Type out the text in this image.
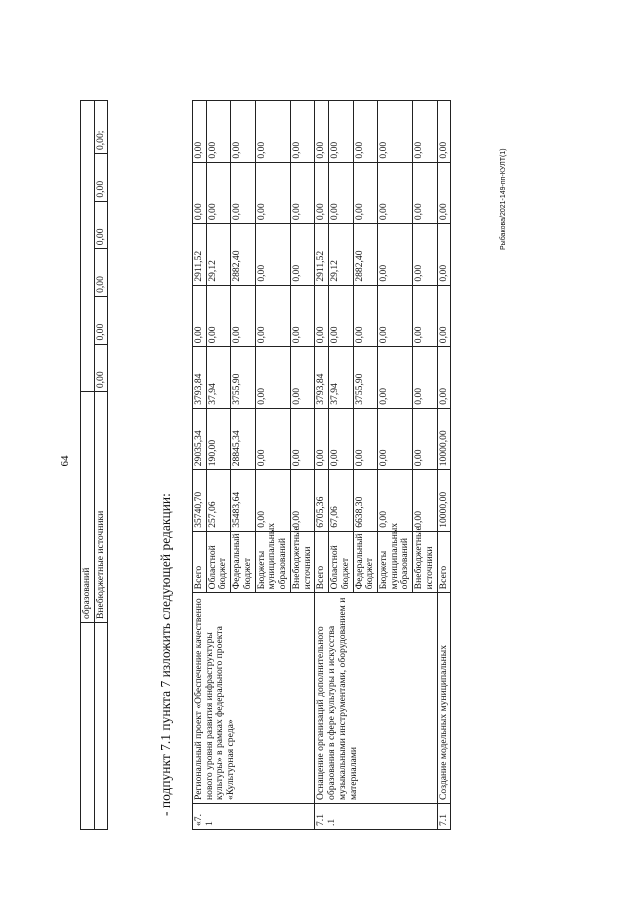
64
Рыбакова/2021-149-пп-КУЛТ(1)
	образований						
	Внебюджетные источники	0,00	0,00	0,00	0,00	0,00	0,00;
- подпункт 7.1 пункта 7 изложить следующей редакции:
«7. 1	Региональный проект «Обеспечение качественно нового уровня развития инфраструктуры культуры» в рамках федерального проекта «Культурная среда»	Всего	35740,70	29035,34	3793,84	0,00	2911,52	0,00	0,00
		Областной бюджет	257,06	190,00	37,94	0,00	29,12	0,00	0,00
		Федеральный бюджет	35483,64	28845,34	3755,90	0,00	2882,40	0,00	0,00
		Бюджеты муниципальных образований	0,00	0,00	0,00	0,00	0,00	0,00	0,00
		Внебюджетные источники	0,00	0,00	0,00	0,00	0,00	0,00	0,00
7.1 .1	Оснащение организаций дополнительного образования в сфере культуры и искусства музыкальными инструментами, оборудованием и материалами	Всего	6705,36	0,00	3793,84	0,00	2911,52	0,00	0,00
		Областной бюджет	67,06	0,00	37,94	0,00	29,12	0,00	0,00
		Федеральный бюджет	6638,30	0,00	3755,90	0,00	2882,40	0,00	0,00
		Бюджеты муниципальных образований	0,00	0,00	0,00	0,00	0,00	0,00	0,00
		Внебюджетные источники	0,00	0,00	0,00	0,00	0,00	0,00	0,00
7.1	Создание модельных муниципальных	Всего	10000,00	10000,00	0,00	0,00	0,00	0,00	0,00
